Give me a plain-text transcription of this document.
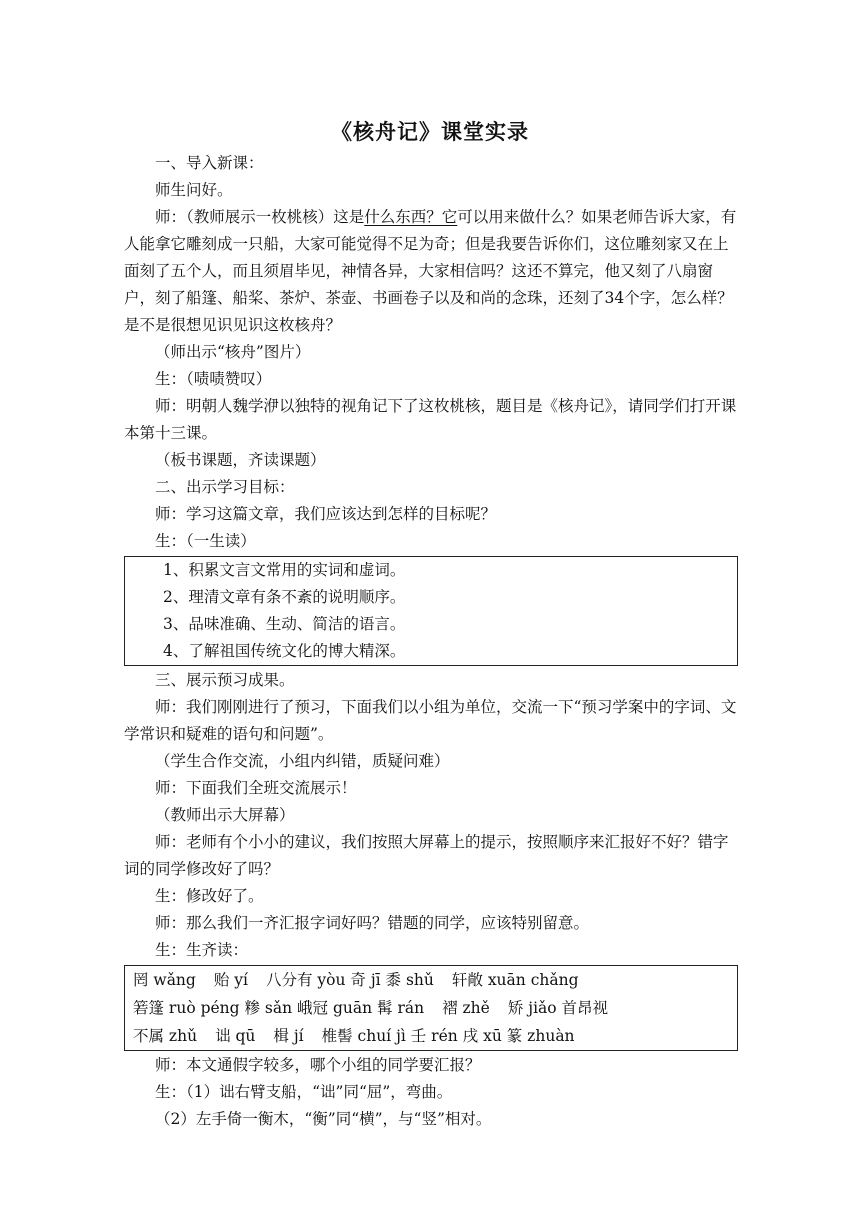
《核舟记》课堂实录

一、导入新课：

师生问好。

师：（教师展示一枚桃核）这是什么东西？它可以用来做什么？如果老师告诉大家，有人能拿它雕刻成一只船，大家可能觉得不足为奇；但是我要告诉你们，这位雕刻家又在上面刻了五个人，而且须眉毕见，神情各异，大家相信吗？这还不算完，他又刻了八扇窗户，刻了船篷、船桨、茶炉、茶壶、书画卷子以及和尚的念珠，还刻了34个字，怎么样？是不是很想见识见识这枚核舟？

（师出示“核舟”图片）

生：（啧啧赞叹）

师：明朝人魏学洢以独特的视角记下了这枚桃核，题目是《核舟记》，请同学们打开课本第十三课。

（板书课题，齐读课题）

二、出示学习目标：

师：学习这篇文章，我们应该达到怎样的目标呢？

生：（一生读）

1、积累文言文常用的实词和虚词。

2、理清文章有条不紊的说明顺序。

3、品味准确、生动、简洁的语言。

4、了解祖国传统文化的博大精深。

三、展示预习成果。

师：我们刚刚进行了预习，下面我们以小组为单位，交流一下“预习学案中的字词、文学常识和疑难的语句和问题”。

（学生合作交流，小组内纠错，质疑问难）

师：下面我们全班交流展示！

（教师出示大屏幕）

师：老师有个小小的建议，我们按照大屏幕上的提示，按照顺序来汇报好不好？错字词的同学修改好了吗？

生：修改好了。

师：那么我们一齐汇报字词好吗？错题的同学，应该特别留意。

生：生齐读：

罔 wǎng 贻 yí 八分有 yòu 奇 jī 黍 shǔ 轩敞 xuān chǎng

箬篷 ruò péng 糁 sǎn 峨冠 guān 髯 rán 褶 zhě 矫 jiǎo 首昂视

不属 zhǔ 诎 qū 楫 jí 椎髻 chuí jì 壬 rén 戌 xū 篆 zhuàn

师：本文通假字较多，哪个小组的同学要汇报？

生：（1）诎右臂支船，“诎”同“屈”，弯曲。

（2）左手倚一衡木，“衡”同“横”，与“竖”相对。
